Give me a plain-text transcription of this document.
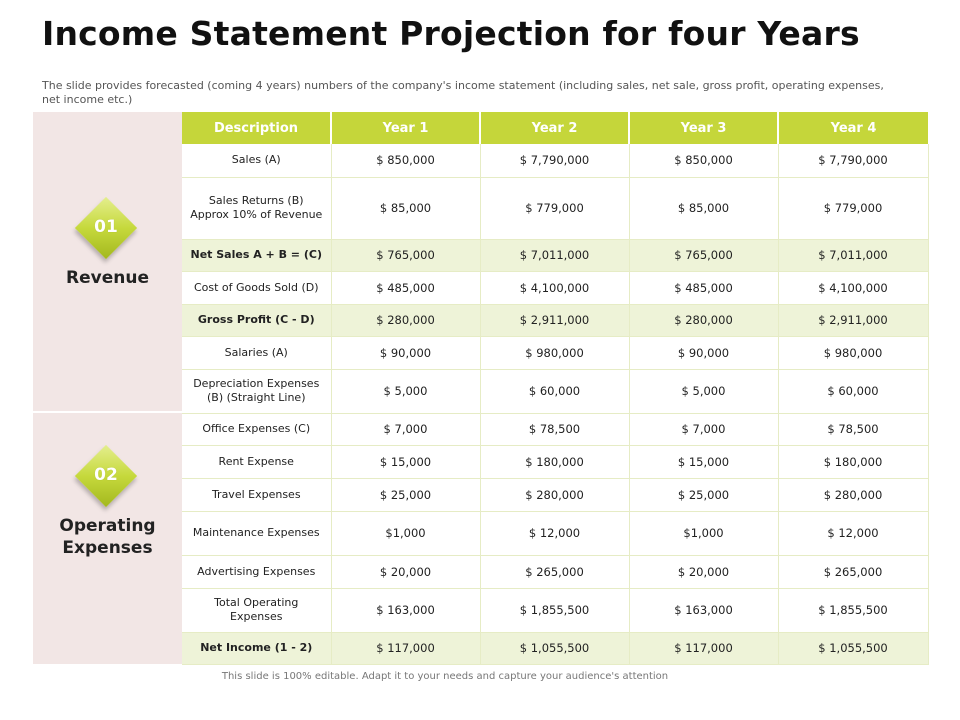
Income Statement Projection for four Years
The slide provides forecasted (coming 4 years) numbers of the company's income statement (including sales, net sale, gross profit, operating expenses, net income etc.)
01
Revenue
02
Operating Expenses
Description	Year 1	Year 2	Year 3	Year 4
Sales (A)	$ 850,000	$ 7,790,000	$ 850,000	$ 7,790,000
Sales Returns (B) Approx 10% of Revenue	$ 85,000	$ 779,000	$ 85,000	$ 779,000
Net Sales A + B = (C)	$ 765,000	$ 7,011,000	$ 765,000	$ 7,011,000
Cost of Goods Sold (D)	$ 485,000	$ 4,100,000	$ 485,000	$ 4,100,000
Gross Profit (C - D)	$ 280,000	$ 2,911,000	$ 280,000	$ 2,911,000
Salaries (A)	$ 90,000	$ 980,000	$ 90,000	$ 980,000
Depreciation Expenses (B) (Straight Line)	$ 5,000	$ 60,000	$ 5,000	$ 60,000
Office Expenses (C)	$ 7,000	$ 78,500	$ 7,000	$ 78,500
Rent Expense	$ 15,000	$ 180,000	$ 15,000	$ 180,000
Travel Expenses	$ 25,000	$ 280,000	$ 25,000	$ 280,000
Maintenance Expenses	$1,000	$ 12,000	$1,000	$ 12,000
Advertising Expenses	$ 20,000	$ 265,000	$ 20,000	$ 265,000
Total Operating Expenses	$ 163,000	$ 1,855,500	$ 163,000	$ 1,855,500
Net Income (1 - 2)	$ 117,000	$ 1,055,500	$ 117,000	$ 1,055,500
This slide is 100% editable. Adapt it to your needs and capture your audience's attention
